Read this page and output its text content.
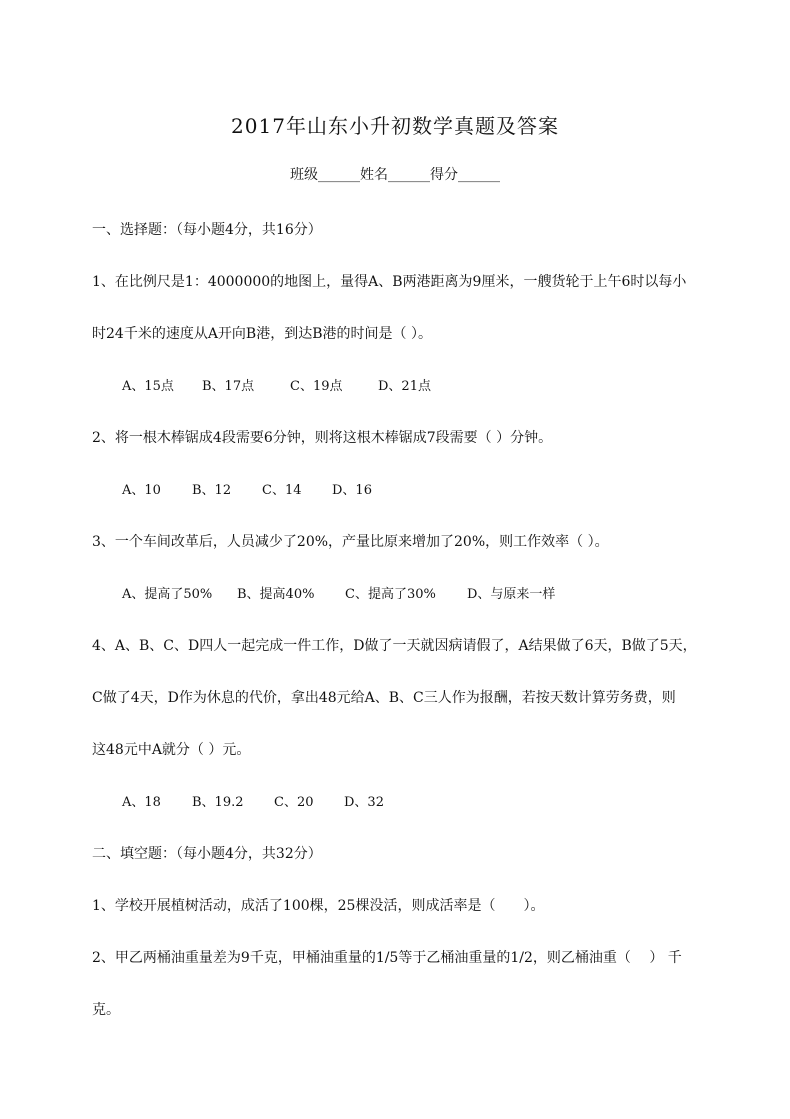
2017年山东小升初数学真题及答案
班级______姓名______得分______
一、选择题：（每小题4分，共16分）
1、在比例尺是1：4000000的地图上，量得A、B两港距离为9厘米，一艘货轮于上午6时以每小
时24千米的速度从A开向B港，到达B港的时间是（ ）。
A、15点 B、17点	C、19点	D、21点
2、将一根木棒锯成4段需要6分钟，则将这根木棒锯成7段需要（ ）分钟。
A、10 B、12 C、14 D、16
3、一个车间改革后，人员减少了20%，产量比原来增加了20%，则工作效率（ ）。
A、提高了50% B、提高40% C、提高了30% D、与原来一样
4、A、B、C、D四人一起完成一件工作，D做了一天就因病请假了，A结果做了6天，B做了5天，
C做了4天，D作为休息的代价，拿出48元给A、B、C三人作为报酬，若按天数计算劳务费，则
这48元中A就分（ ）元。
A、18 B、19.2 C、20 D、32
二、填空题：（每小题4分，共32分）
1、学校开展植树活动，成活了100棵，25棵没活，则成活率是（　　）。
2、甲乙两桶油重量差为9千克，甲桶油重量的1/5等于乙桶油重量的1/2，则乙桶油重（　 ） 千
克。
